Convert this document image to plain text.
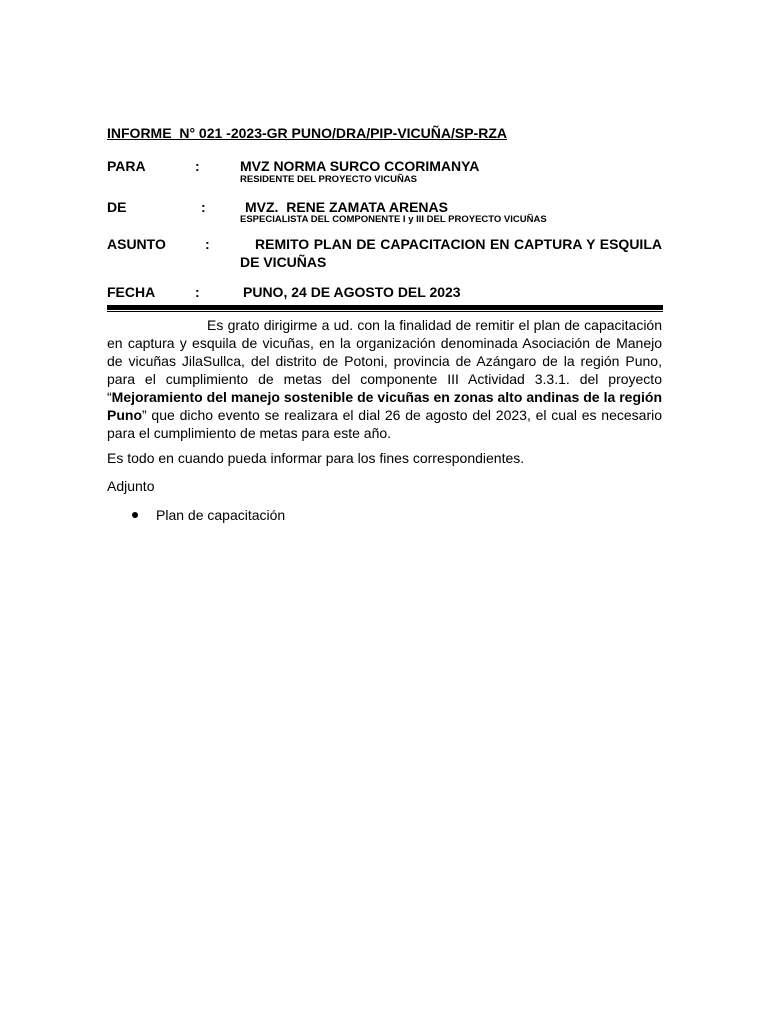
INFORME  N° 021 -2023-GR PUNO/DRA/PIP-VICUÑA/SP-RZA
PARA	:	MVZ NORMA SURCO CCORIMANYA
RESIDENTE DEL PROYECTO VICUÑAS
DE	:	MVZ.  RENE ZAMATA ARENAS
ESPECIALISTA DEL COMPONENTE I y III DEL PROYECTO VICUÑAS
ASUNTO	:	REMITO PLAN DE CAPACITACION EN CAPTURA Y ESQUILA
DE VICUÑAS
FECHA	:	PUNO, 24 DE AGOSTO DEL 2023
Es grato dirigirme a ud. con la finalidad de remitir el plan de capacitación en captura y esquila de vicuñas, en la organización denominada Asociación de Manejo de vicuñas JilaSullca, del distrito de Potoni, provincia de Azángaro de la región Puno, para el cumplimiento de metas del componente III Actividad 3.3.1. del proyecto “Mejoramiento del manejo sostenible de vicuñas en zonas alto andinas de la región Puno” que dicho evento se realizara el dial 26 de agosto del 2023, el cual es necesario para el cumplimiento de metas para este año.
Es todo en cuando pueda informar para los fines correspondientes.
Adjunto
Plan de capacitación
